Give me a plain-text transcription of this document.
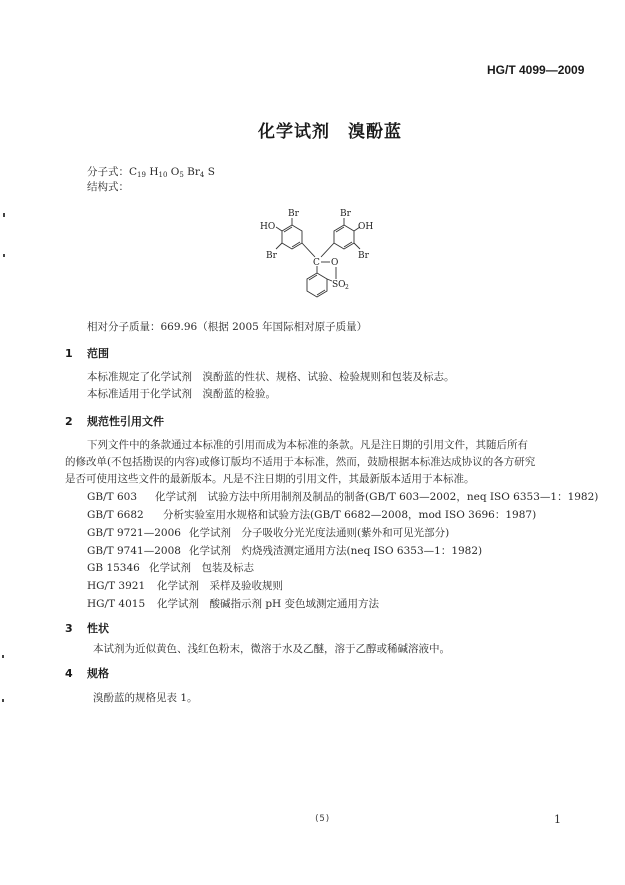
HG/T 4099—2009
化学试剂 溴酚蓝
分子式：$C_{19}$ $H_{10}$ $O_5$ $Br_4$ S
结构式：
Br
HO
Br
Br
OH
Br
C O
SO 2
相对分子质量：669.96（根据 2005 年国际相对原子质量）
1 范围
本标准规定了化学试剂　溴酚蓝的性状、规格、试验、检验规则和包装及标志。
本标准适用于化学试剂　溴酚蓝的检验。
2 规范性引用文件
下列文件中的条款通过本标准的引用而成为本标准的条款。凡是注日期的引用文件，其随后所有
的修改单(不包括勘误的内容)或修订版均不适用于本标准，然而，鼓励根据本标准达成协议的各方研究
是否可使用这些文件的最新版本。凡是不注日期的引用文件，其最新版本适用于本标准。
GB/T 603 化学试剂　试验方法中所用制剂及制品的制备(GB/T 603—2002，neq ISO 6353—1：1982)
GB/T 6682 分析实验室用水规格和试验方法(GB/T 6682—2008，mod ISO 3696：1987)
GB/T 9721—2006 化学试剂　分子吸收分光光度法通则(紫外和可见光部分)
GB/T 9741—2008 化学试剂　灼烧残渣测定通用方法(neq ISO 6353—1：1982)
GB 15346 化学试剂　包装及标志
HG/T 3921 化学试剂　采样及验收规则
HG/T 4015 化学试剂　酸碱指示剂 pH 变色域测定通用方法
3 性状
本试剂为近似黄色、浅红色粉末，微溶于水及乙醚，溶于乙醇或稀碱溶液中。
4 规格
溴酚蓝的规格见表 1。
(5)	1
